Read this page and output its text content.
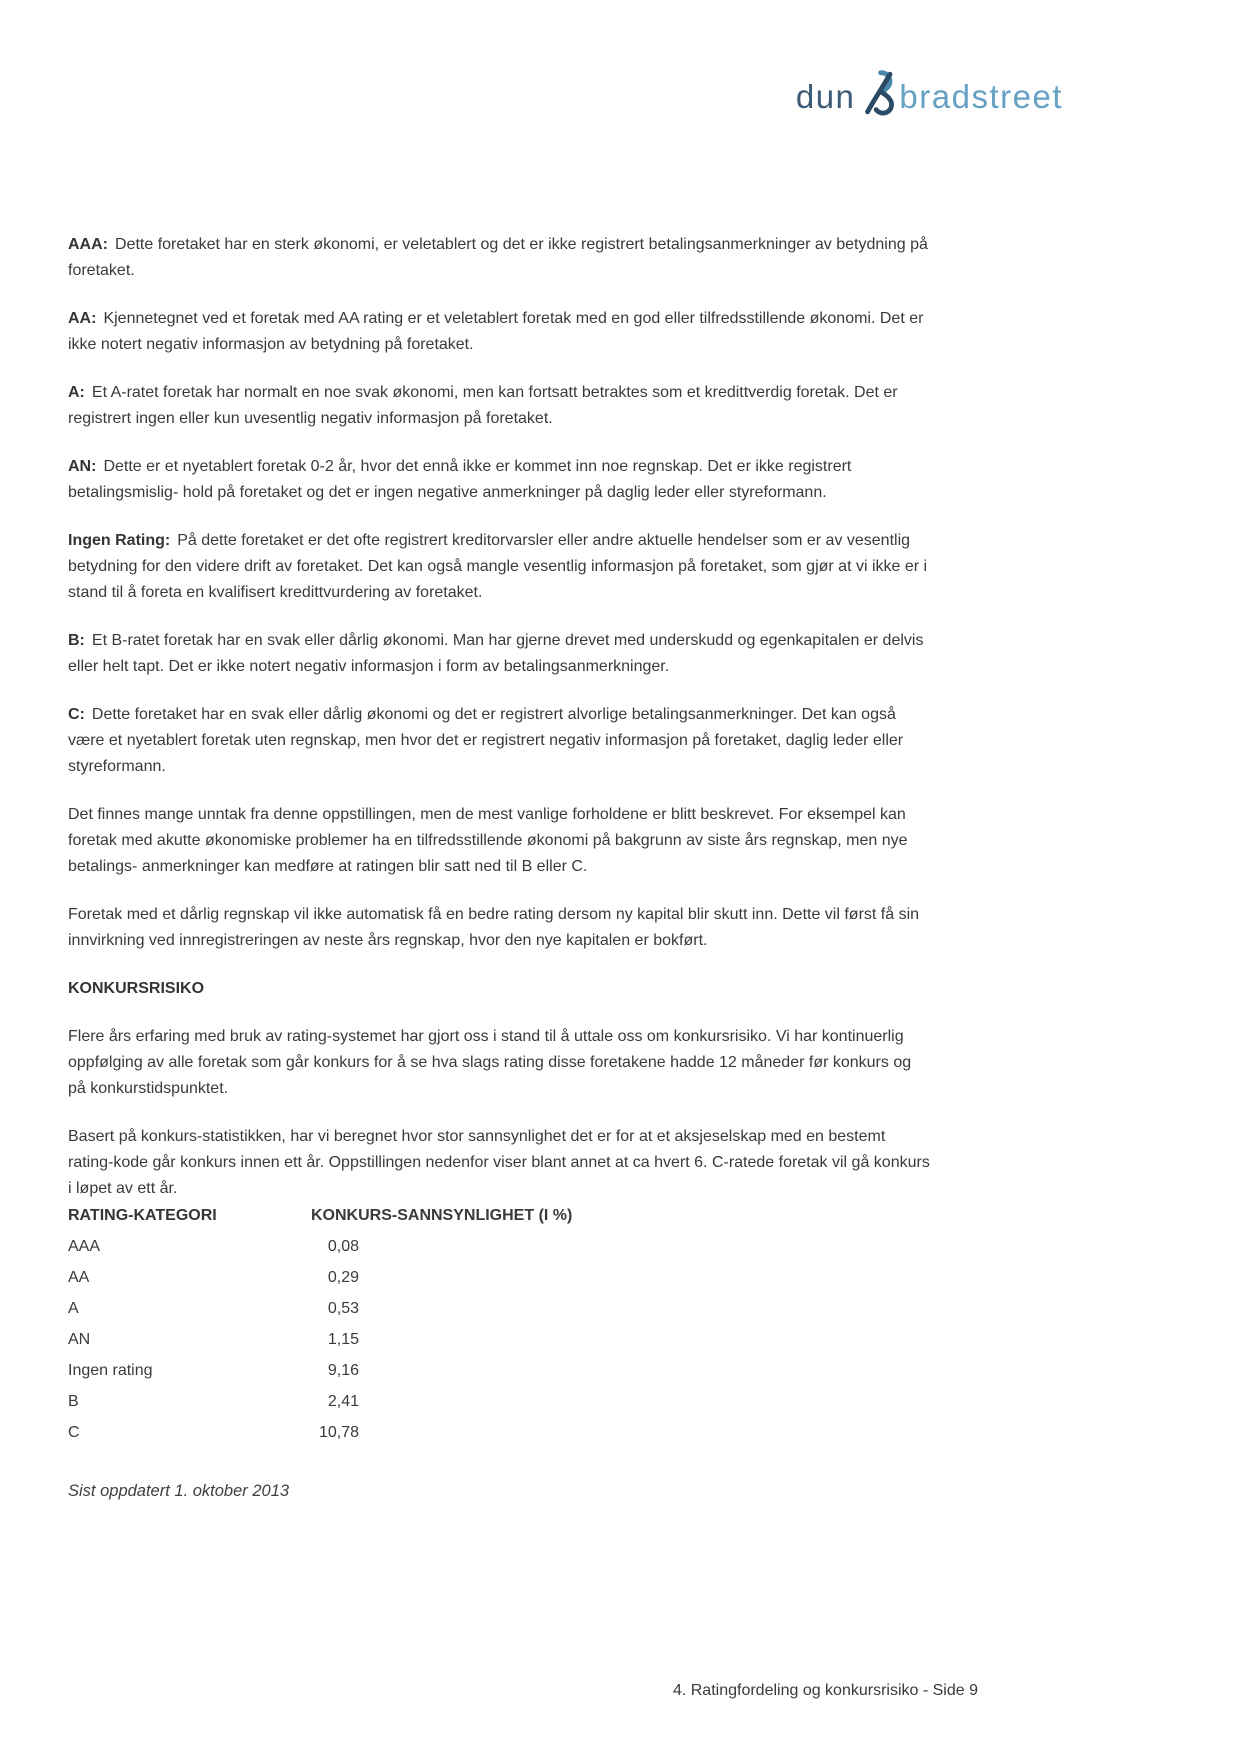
dun bradstreet

AAA: Dette foretaket har en sterk økonomi, er veletablert og det er ikke registrert betalingsanmerkninger av betydning på foretaket.

AA: Kjennetegnet ved et foretak med AA rating er et veletablert foretak med en god eller tilfredsstillende økonomi. Det er ikke notert negativ informasjon av betydning på foretaket.

A: Et A-ratet foretak har normalt en noe svak økonomi, men kan fortsatt betraktes som et kredittverdig foretak. Det er registrert ingen eller kun uvesentlig negativ informasjon på foretaket.

AN: Dette er et nyetablert foretak 0-2 år, hvor det ennå ikke er kommet inn noe regnskap. Det er ikke registrert betalingsmislig- hold på foretaket og det er ingen negative anmerkninger på daglig leder eller styreformann.

Ingen Rating: På dette foretaket er det ofte registrert kreditorvarsler eller andre aktuelle hendelser som er av vesentlig betydning for den videre drift av foretaket. Det kan også mangle vesentlig informasjon på foretaket, som gjør at vi ikke er i stand til å foreta en kvalifisert kredittvurdering av foretaket.

B: Et B-ratet foretak har en svak eller dårlig økonomi. Man har gjerne drevet med underskudd og egenkapitalen er delvis eller helt tapt. Det er ikke notert negativ informasjon i form av betalingsanmerkninger.

C: Dette foretaket har en svak eller dårlig økonomi og det er registrert alvorlige betalingsanmerkninger. Det kan også være et nyetablert foretak uten regnskap, men hvor det er registrert negativ informasjon på foretaket, daglig leder eller styreformann.

Det finnes mange unntak fra denne oppstillingen, men de mest vanlige forholdene er blitt beskrevet. For eksempel kan foretak med akutte økonomiske problemer ha en tilfredsstillende økonomi på bakgrunn av siste års regnskap, men nye betalings- anmerkninger kan medføre at ratingen blir satt ned til B eller C.

Foretak med et dårlig regnskap vil ikke automatisk få en bedre rating dersom ny kapital blir skutt inn. Dette vil først få sin innvirkning ved innregistreringen av neste års regnskap, hvor den nye kapitalen er bokført.

KONKURSRISIKO

Flere års erfaring med bruk av rating-systemet har gjort oss i stand til å uttale oss om konkursrisiko. Vi har kontinuerlig oppfølging av alle foretak som går konkurs for å se hva slags rating disse foretakene hadde 12 måneder før konkurs og på konkurstidspunktet.

Basert på konkurs-statistikken, har vi beregnet hvor stor sannsynlighet det er for at et aksjeselskap med en bestemt rating-kode går konkurs innen ett år. Oppstillingen nedenfor viser blant annet at ca hvert 6. C-ratede foretak vil gå konkurs i løpet av ett år.

RATING-KATEGORI	KONKURS-SANNSYNLIGHET (I %)
AAA	0,08
AA	0,29
A	0,53
AN	1,15
Ingen rating	9,16
B	2,41
C	10,78
Sist oppdatert 1. oktober 2013
4. Ratingfordeling og konkursrisiko - Side 9
